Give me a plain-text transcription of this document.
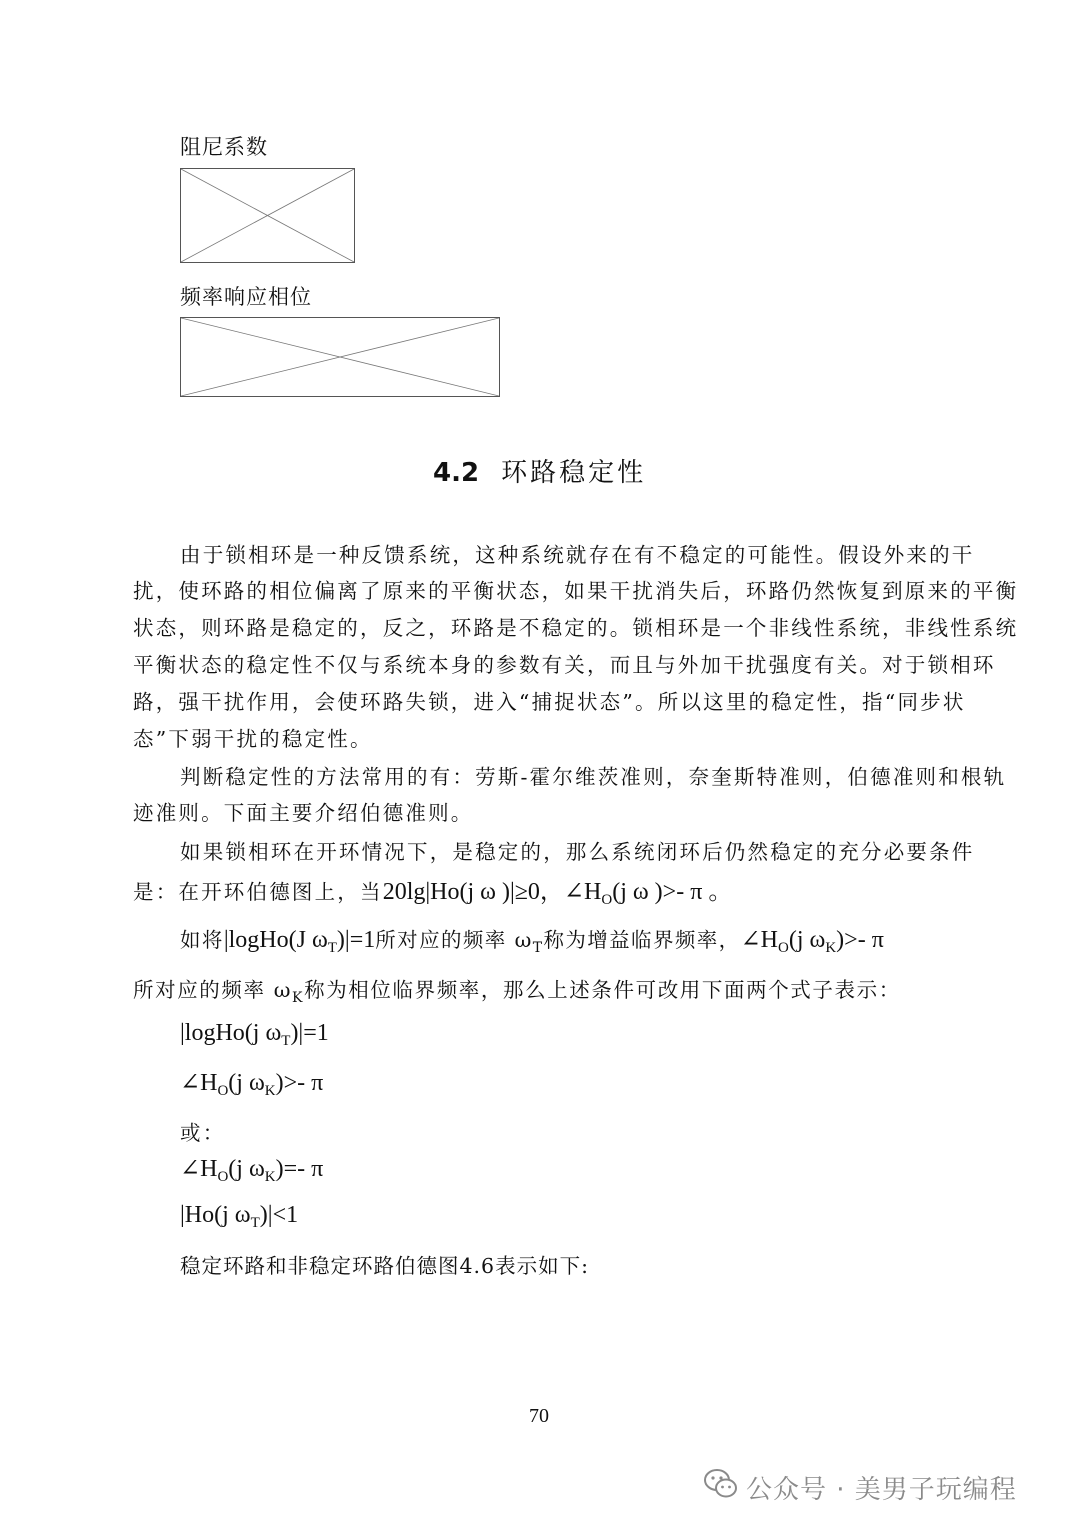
阻尼系数
频率响应相位
4.2 环路稳定性
由于锁相环是一种反馈系统，这种系统就存在有不稳定的可能性。假设外来的干
扰，使环路的相位偏离了原来的平衡状态，如果干扰消失后，环路仍然恢复到原来的平衡
状态，则环路是稳定的，反之，环路是不稳定的。锁相环是一个非线性系统，非线性系统
平衡状态的稳定性不仅与系统本身的参数有关，而且与外加干扰强度有关。对于锁相环
路，强干扰作用，会使环路失锁，进入“捕捉状态”。所以这里的稳定性，指“同步状
态”下弱干扰的稳定性。
判断稳定性的方法常用的有：劳斯-霍尔维茨准则，奈奎斯特准则，伯德准则和根轨
迹准则。下面主要介绍伯德准则。
如果锁相环在开环情况下，是稳定的，那么系统闭环后仍然稳定的充分必要条件
是：在开环伯德图上，当20lg|Ho(j ω )|≥0，$\angle H_O(j$ ω )>- π 。
如将|logHo(J $\omega_T)|=1$所对应的频率 $\omega_T$称为增益临界频率，$\angle H_O(j$ $\omega_K)>-$ π
所对应的频率 $\omega_K$称为相位临界频率，那么上述条件可改用下面两个式子表示：
|logHo(j $\omega_T)|=1$
$\angle H_O(j$ $\omega_K)>-$ π
或：
$\angle H_O(j$ $\omega_K)=-$ π
|Ho(j $\omega_T)|<1$
稳定环路和非稳定环路伯德图4.6表示如下:
70
公众号 · 美男子玩编程
